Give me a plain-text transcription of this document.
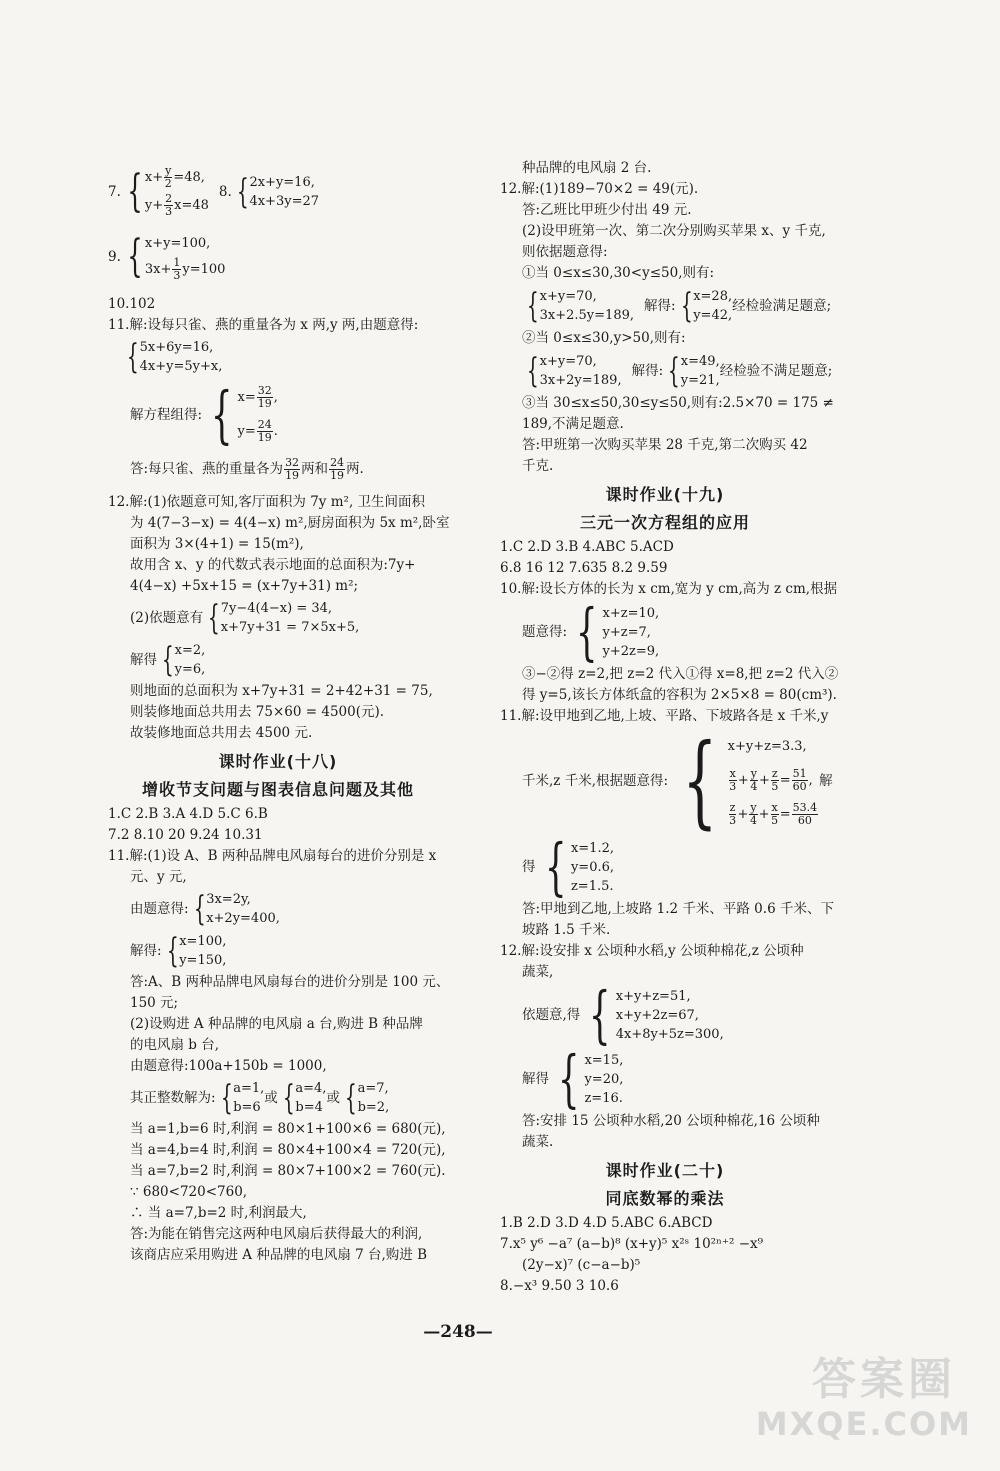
7. { $x+ \frac{y}{2} =48$,
$y+ \frac{2}{3} x=48$
8. { 2x+y=16,
4x+3y=27
9. { x+y=100,
$3x+ \frac{1}{3} y=100$
10.102
11.解:设每只雀、燕的重量各为 x 两,y 两,由题意得:
{ 5x+6y=16,
4x+y=5y+x,
解方程组得: { $x= \frac{32}{19}$ ,
$y= \frac{24}{19}$ .
答:每只雀、燕的重量各为 $\frac{32}{19}$ 两和 $\frac{24}{19}$ 两.
12.解:(1)依题意可知,客厅面积为 7y m², 卫生间面积
为 4(7−3−x) = 4(4−x) m²,厨房面积为 5x m²,卧室
面积为 3×(4+1) = 15(m²),
故用含 x、y 的代数式表示地面的总面积为:7y+
4(4−x) +5x+15 = (x+7y+31) m²;
(2)依题意有 { 7y−4(4−x) = 34,
x+7y+31 = 7×5x+5,
解得 { x=2,
y=6,
则地面的总面积为 x+7y+31 = 2+42+31 = 75,
则装修地面总共用去 75×60 = 4500(元).
故装修地面总共用去 4500 元.
课时作业(十八)
增收节支问题与图表信息问题及其他
1.C 2.B 3.A 4.D 5.C 6.B
7.2 8.10 20 9.24 10.31
11.解:(1)设 A、B 两种品牌电风扇每台的进价分别是 x
元、y 元,
由题意得: { 3x=2y,
x+2y=400,
解得: { x=100,
y=150,
答:A、B 两种品牌电风扇每台的进价分别是 100 元、
150 元;
(2)设购进 A 种品牌的电风扇 a 台,购进 B 种品牌
的电风扇 b 台,
由题意得:100a+150b = 1000,
其正整数解为: { a=1,
b=6
或 { a=4,
b=4
或 { a=7,
b=2,
当 a=1,b=6 时,利润 = 80×1+100×6 = 680(元),
当 a=4,b=4 时,利润 = 80×4+100×4 = 720(元),
当 a=7,b=2 时,利润 = 80×7+100×2 = 760(元).
∵ 680<720<760,
∴ 当 a=7,b=2 时,利润最大,
答:为能在销售完这两种电风扇后获得最大的利润,
该商店应采用购进 A 种品牌的电风扇 7 台,购进 B
种品牌的电风扇 2 台.
12.解:(1)189−70×2 = 49(元).
答:乙班比甲班少付出 49 元.
(2)设甲班第一次、第二次分别购买苹果 x、y 千克,
则依据题意得:
①当 0≤x≤30,30<y≤50,则有:
{ x+y=70,
3x+2.5y=189,
解得: { x=28,
y=42,
经检验满足题意;
②当 0≤x≤30,y>50,则有:
{ x+y=70,
3x+2y=189,
解得: { x=49,
y=21,
经检验不满足题意;
③当 30≤x≤50,30≤y≤50,则有:2.5×70 = 175 ≠
189,不满足题意.
答:甲班第一次购买苹果 28 千克,第二次购买 42
千克.
课时作业(十九)
三元一次方程组的应用
1.C 2.D 3.B 4.ABC 5.ACD
6.8 16 12 7.635 8.2 9.59
10.解:设长方体的长为 x cm,宽为 y cm,高为 z cm,根据
题意得: { x+z=10,
y+z=7,
y+2z=9,
③−②得 z=2,把 z=2 代入①得 x=8,把 z=2 代入②
得 y=5,该长方体纸盒的容积为 2×5×8 = 80(cm³).
11.解:设甲地到乙地,上坡、平路、下坡路各是 x 千米,y
千米,z 千米,根据题意得: { x+y+z=3.3,
$\frac{x}{3} + \frac{y}{4} + \frac{z}{5} = \frac{51}{60}$ ,
$\frac{z}{3} + \frac{y}{4} + \frac{x}{5} = \frac{53.4}{60}$
解
得 { x=1.2,
y=0.6,
z=1.5.
答:甲地到乙地,上坡路 1.2 千米、平路 0.6 千米、下
坡路 1.5 千米.
12.解:设安排 x 公顷种水稻,y 公顷种棉花,z 公顷种
蔬菜,
依题意,得 { x+y+z=51,
x+y+2z=67,
4x+8y+5z=300,
解得 { x=15,
y=20,
z=16.
答:安排 15 公顷种水稻,20 公顷种棉花,16 公顷种
蔬菜.
课时作业(二十)
同底数幂的乘法
1.B 2.D 3.D 4.D 5.ABC 6.ABCD
7.x⁵ y⁶ −a⁷ (a−b)⁸ (x+y)⁵ x²ˢ 10²ⁿ⁺² −x⁹
(2y−x)⁷ (c−a−b)⁵
8.−x³ 9.50 3 10.6
—248—
答案圈
MXQE.COM
